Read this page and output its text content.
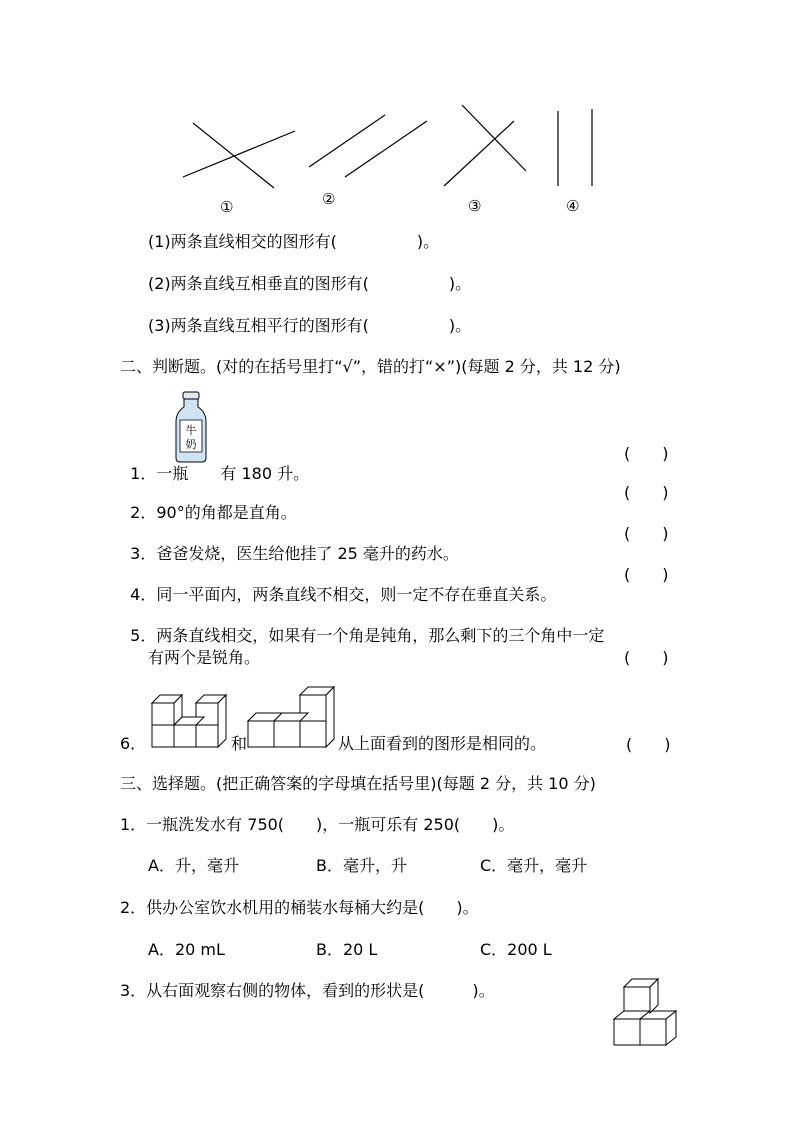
①	②	③	④
(1)两条直线相交的图形有(　　　　　)。
(2)两条直线互相垂直的图形有(　　　　　)。
(3)两条直线互相平行的图形有(　　　　　)。
二、判断题。(对的在括号里打“√”，错的打“×”)(每题 2 分，共 12 分)
牛
奶

1．一瓶 有 180 升。

(　　)

2．90°的角都是直角。

(　　)

3．爸爸发烧，医生给他挂了 25 毫升的药水。

(　　)

4．同一平面内，两条直线不相交，则一定不存在垂直关系。

(　　)

5．两条直线相交，如果有一个角是钝角，那么剩下的三个角中一定

有两个是锐角。	(　　)
6．	和	从上面看到的图形是相同的。	(　　)
三、选择题。(把正确答案的字母填在括号里)(每题 2 分，共 10 分)
1．一瓶洗发水有 750(　　)，一瓶可乐有 250(　　)。
A．升，毫升	B．毫升，升	C．毫升，毫升
2．供办公室饮水机用的桶装水每桶大约是(　　)。
A．20 mL	B．20 L	C．200 L
3．从右面观察右侧的物体，看到的形状是(　　　)。
